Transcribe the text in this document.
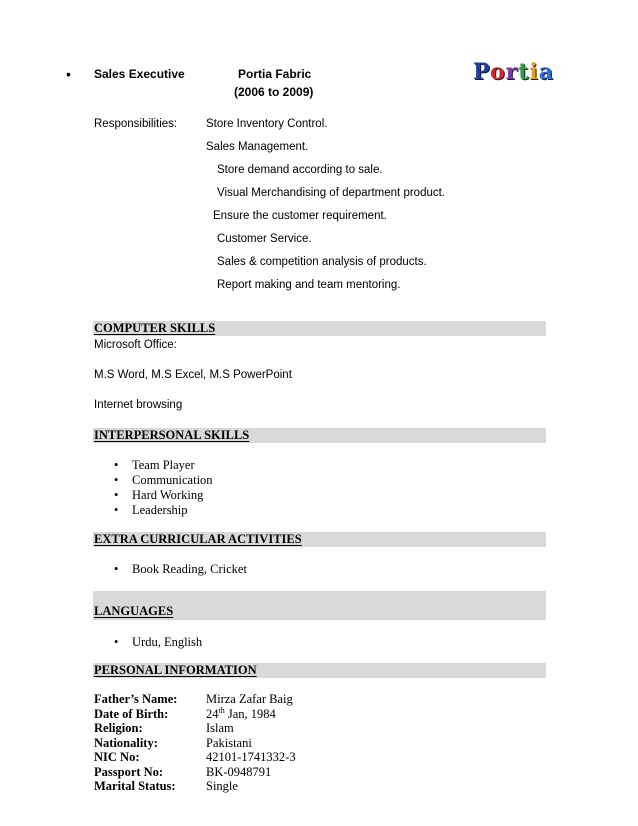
• Sales Executive	Portia Fabric
(2006 to 2009)
Portia
Responsibilities:	Store Inventory Control.
Sales Management.
Store demand according to sale.
Visual Merchandising of department product.
Ensure the customer requirement.
Customer Service.
Sales & competition analysis of products.
Report making and team mentoring.
COMPUTER SKILLS
Microsoft Office:
M.S Word, M.S Excel, M.S PowerPoint
Internet browsing
INTERPERSONAL SKILLS
• Team Player
• Communication
• Hard Working
• Leadership
EXTRA CURRICULAR ACTIVITIES
• Book Reading, Cricket
LANGUAGES
• Urdu, English
PERSONAL INFORMATION
Father’s Name: Mirza Zafar Baig
Date of Birth:	24th Jan, 1984
Religion:	Islam
Nationality:	Pakistani
NIC No:	42101-1741332-3
Passport No:	BK-0948791
Marital Status: Single
